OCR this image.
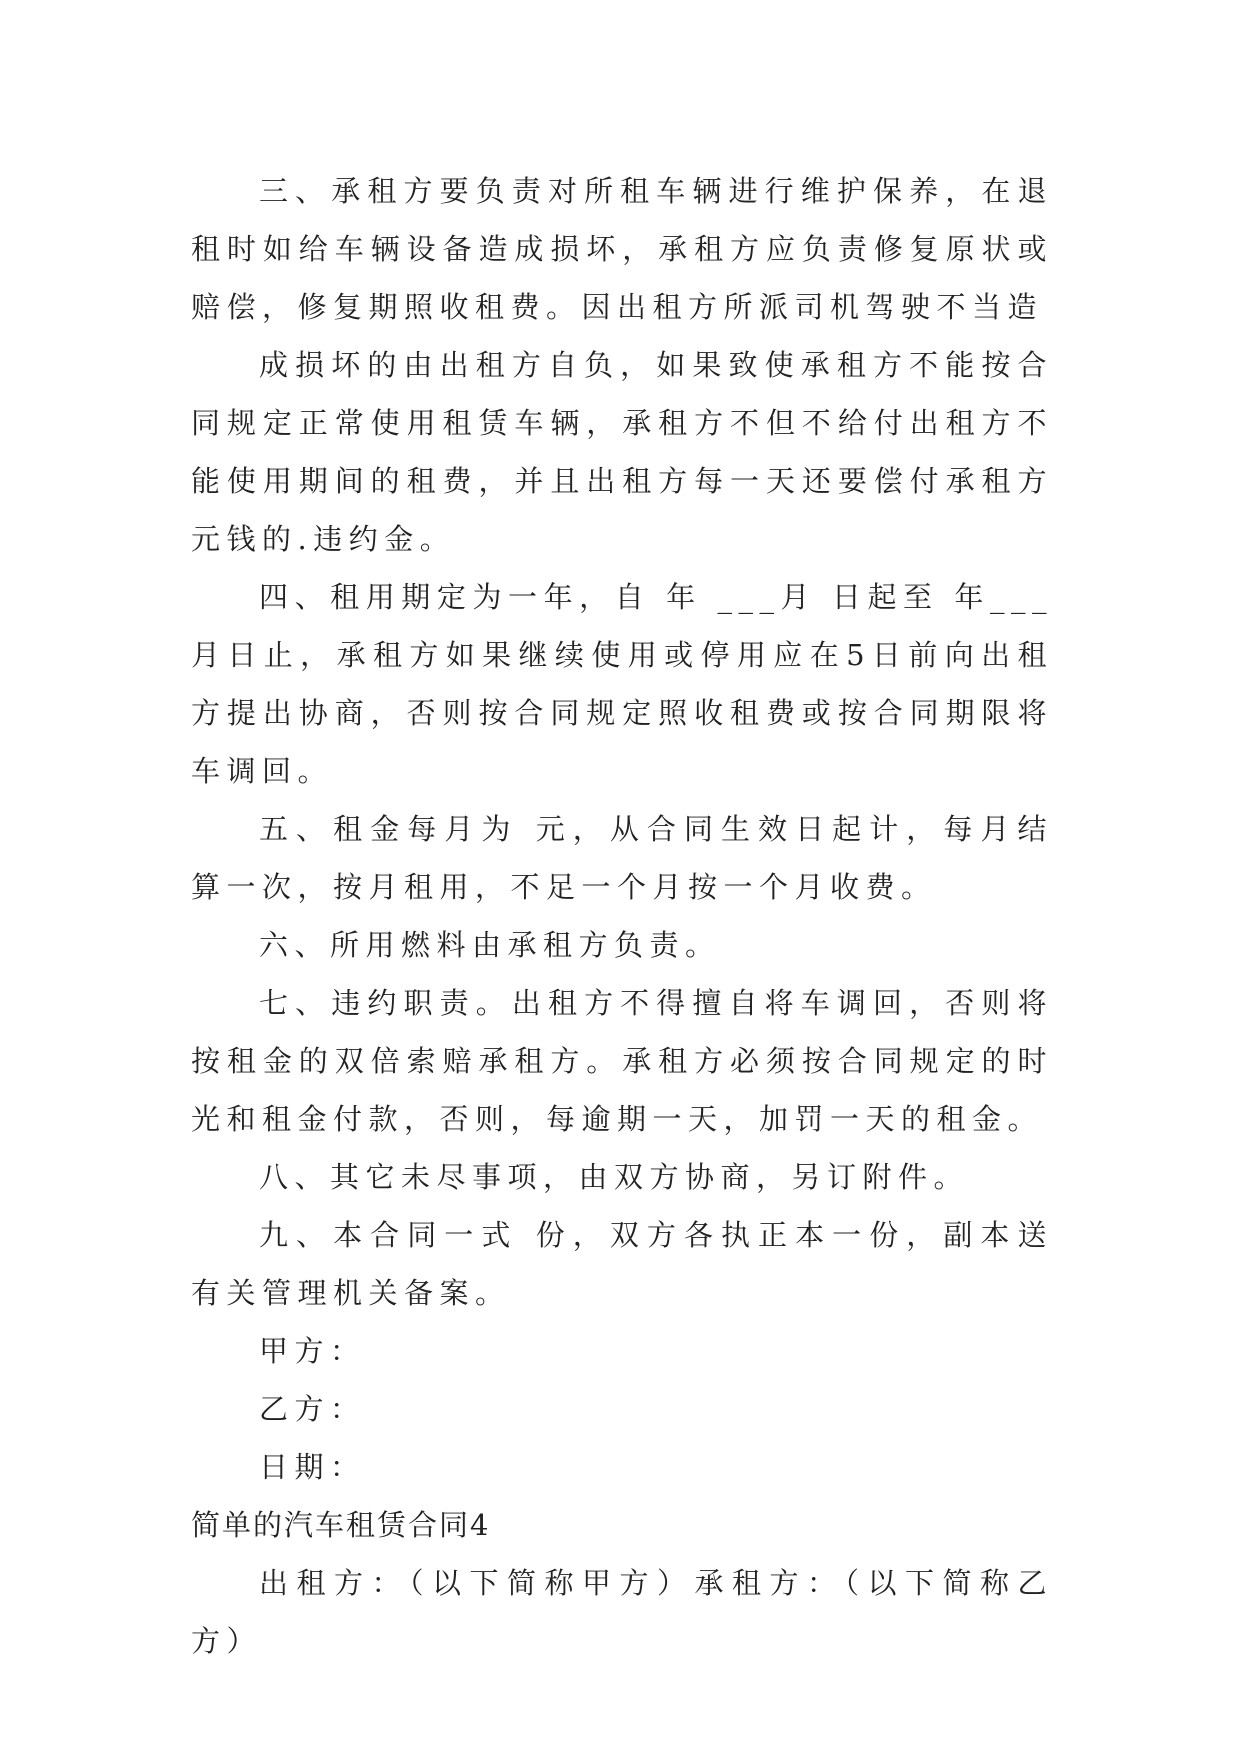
三、承租方要负责对所租车辆进行维护保养，在退租时如给车辆设备造成损坏，承租方应负责修复原状或赔偿，修复期照收租费。因出租方所派司机驾驶不当造

成损坏的由出租方自负，如果致使承租方不能按合同规定正常使用租赁车辆，承租方不但不给付出租方不能使用期间的租费，并且出租方每一天还要偿付承租方 元钱的.违约金。

四、租用期定为一年，自 年 ___月 日起至 年___ 月日止，承租方如果继续使用或停用应在5日前向出租方提出协商，否则按合同规定照收租费或按合同期限将车调回。

五、租金每月为 元，从合同生效日起计，每月结算一次，按月租用，不足一个月按一个月收费。

六、所用燃料由承租方负责。

七、违约职责。出租方不得擅自将车调回，否则将按租金的双倍索赔承租方。承租方必须按合同规定的时光和租金付款，否则，每逾期一天，加罚一天的租金。

八、其它未尽事项，由双方协商，另订附件。

九、本合同一式 份，双方各执正本一份，副本送有关管理机关备案。

甲方：

乙方：

日期：

简单的汽车租赁合同4

出租方：（以下简称甲方）承租方：（以下简称乙方）
